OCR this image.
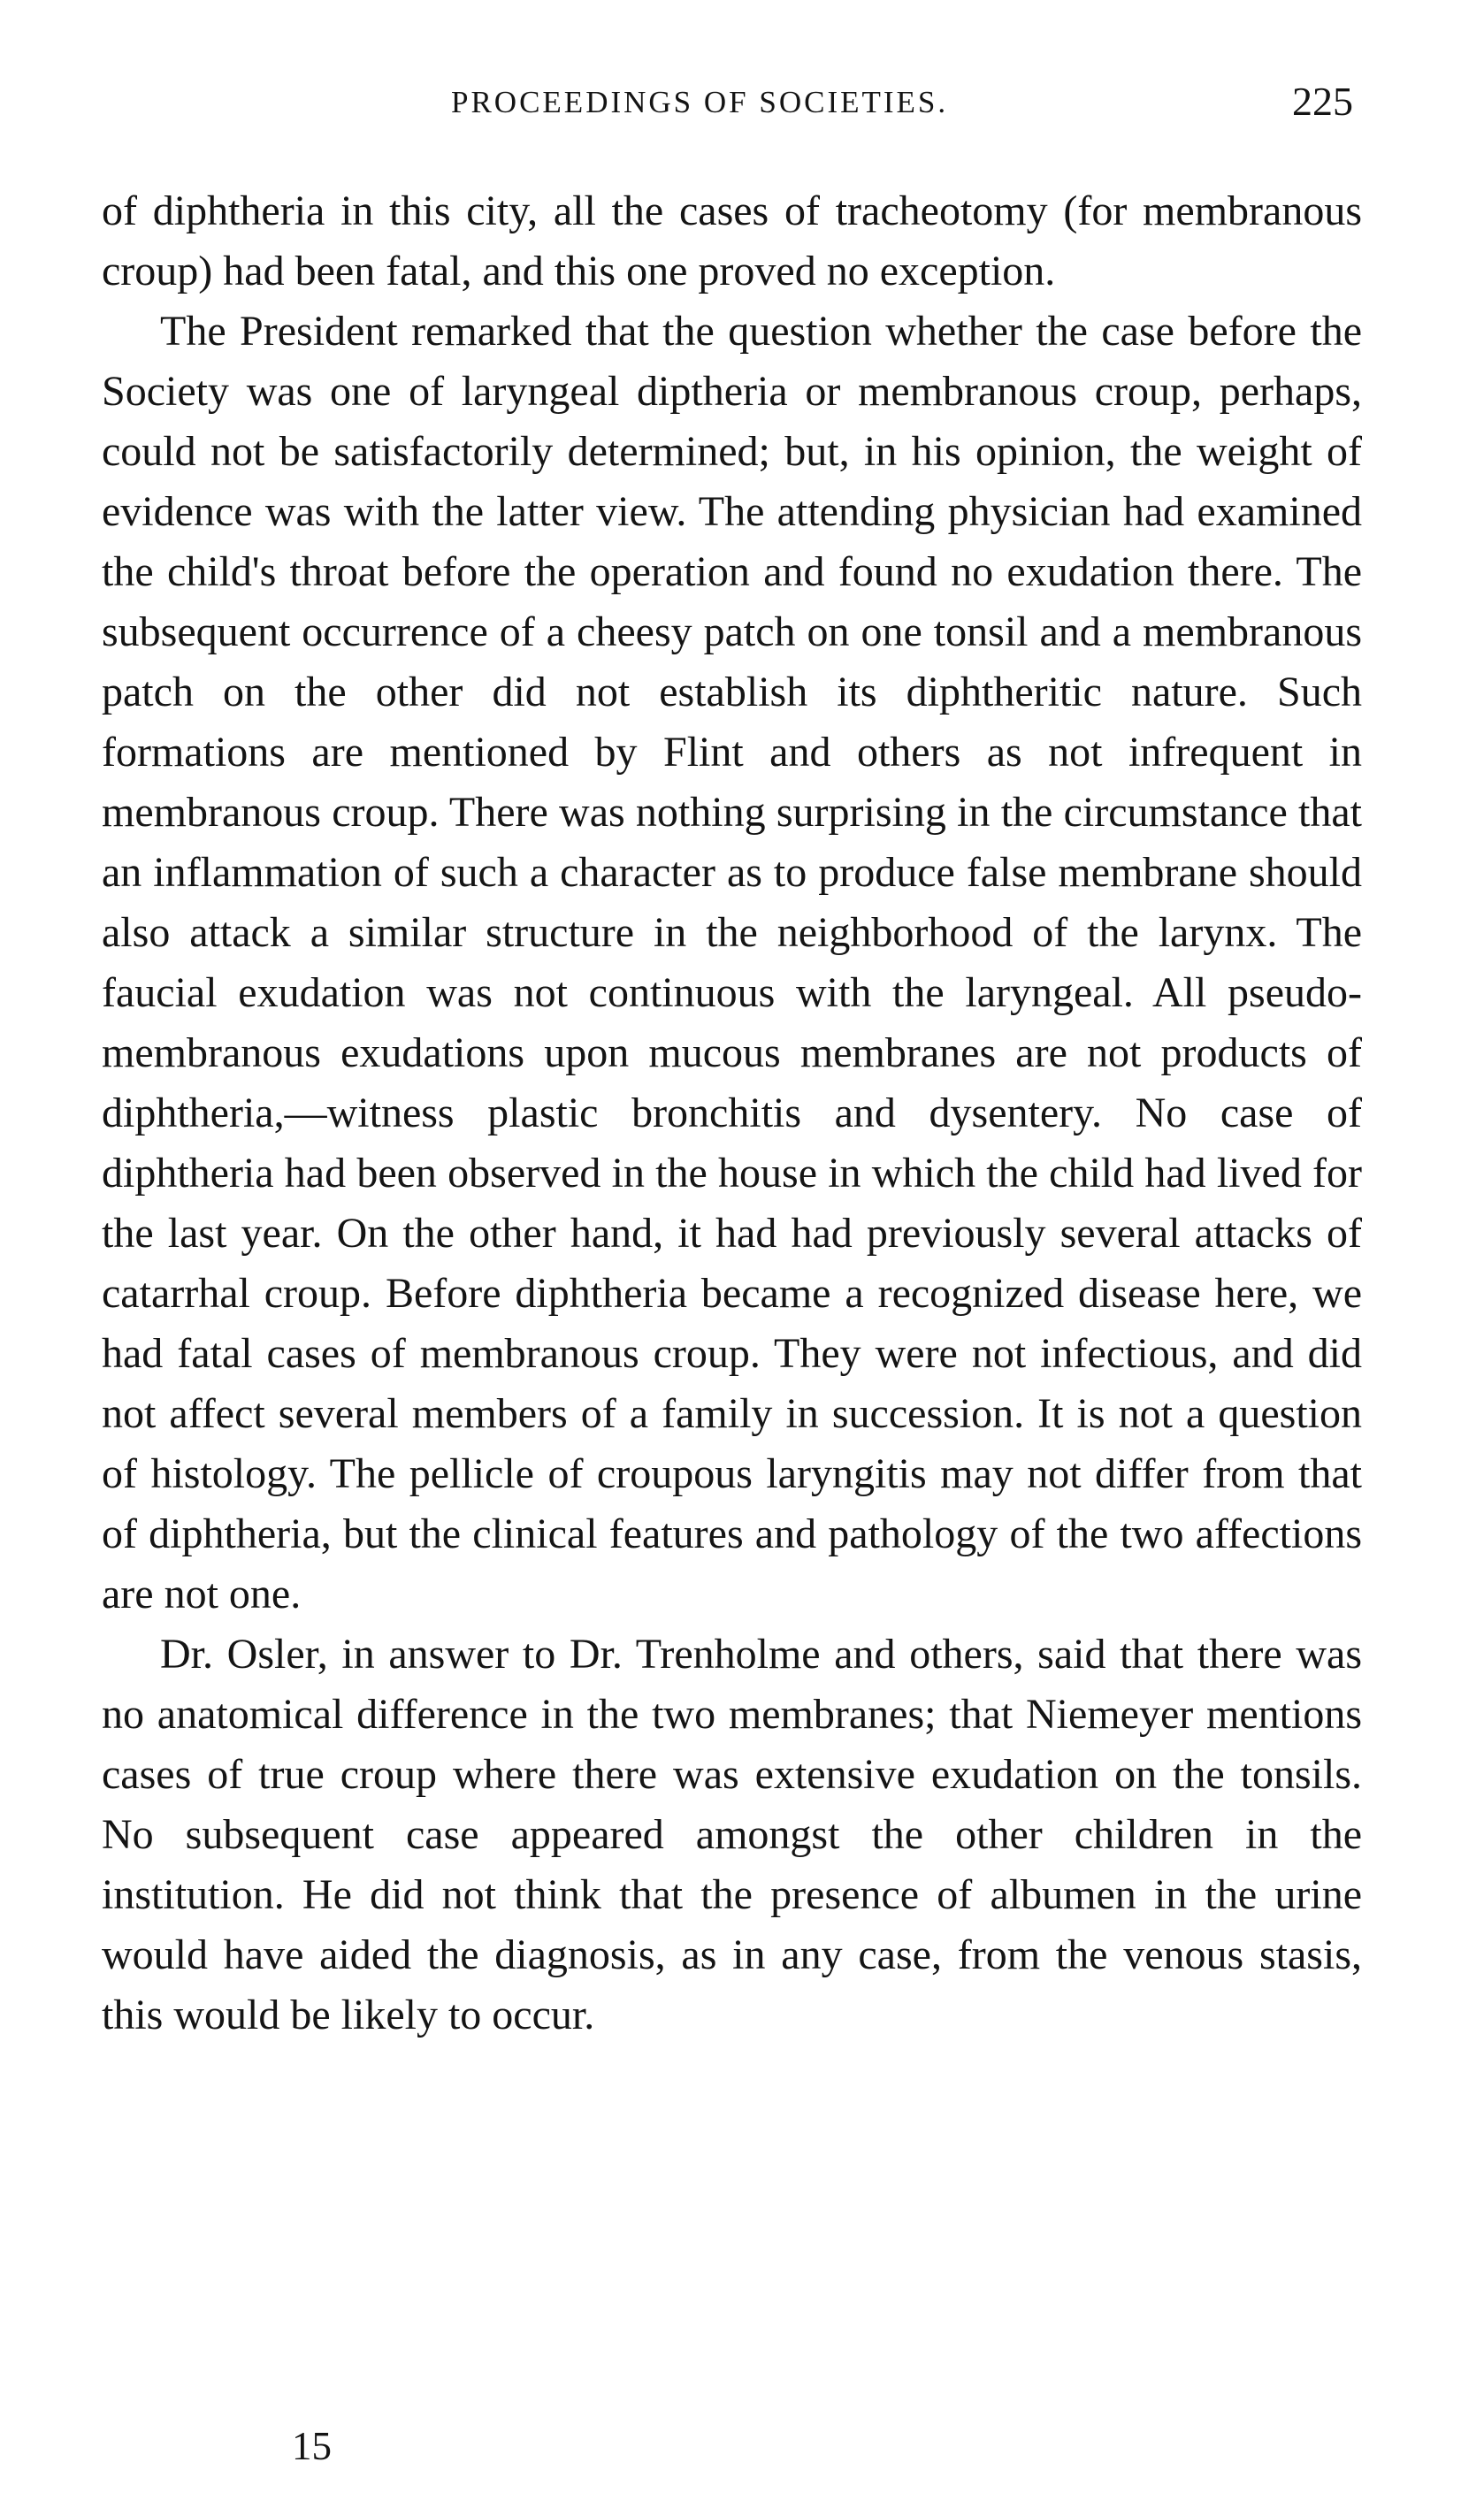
PROCEEDINGS OF SOCIETIES.	225

of diphtheria in this city, all the cases of tracheotomy (for membranous croup) had been fatal, and this one proved no exception.

The President remarked that the question whether the case before the Society was one of laryngeal diptheria or membranous croup, perhaps, could not be satisfactorily determined; but, in his opinion, the weight of evidence was with the latter view. The attending physician had examined the child's throat before the operation and found no exudation there. The subsequent occurrence of a cheesy patch on one tonsil and a membranous patch on the other did not establish its diphtheritic nature. Such formations are mentioned by Flint and others as not infrequent in membranous croup. There was nothing surprising in the circumstance that an inflammation of such a character as to produce false membrane should also attack a similar structure in the neighborhood of the larynx. The faucial exudation was not continuous with the laryngeal. All pseudo-membranous exudations upon mucous membranes are not products of diphtheria,—witness plastic bronchitis and dysentery. No case of diphtheria had been observed in the house in which the child had lived for the last year. On the other hand, it had had previously several attacks of catarrhal croup. Before diphtheria became a recognized disease here, we had fatal cases of membranous croup. They were not infectious, and did not affect several members of a family in succession. It is not a question of histology. The pellicle of croupous laryngitis may not differ from that of diphtheria, but the clinical features and pathology of the two affections are not one.

Dr. Osler, in answer to Dr. Trenholme and others, said that there was no anatomical difference in the two membranes; that Niemeyer mentions cases of true croup where there was extensive exudation on the tonsils. No subsequent case appeared amongst the other children in the institution. He did not think that the presence of albumen in the urine would have aided the diagnosis, as in any case, from the venous stasis, this would be likely to occur.

15
